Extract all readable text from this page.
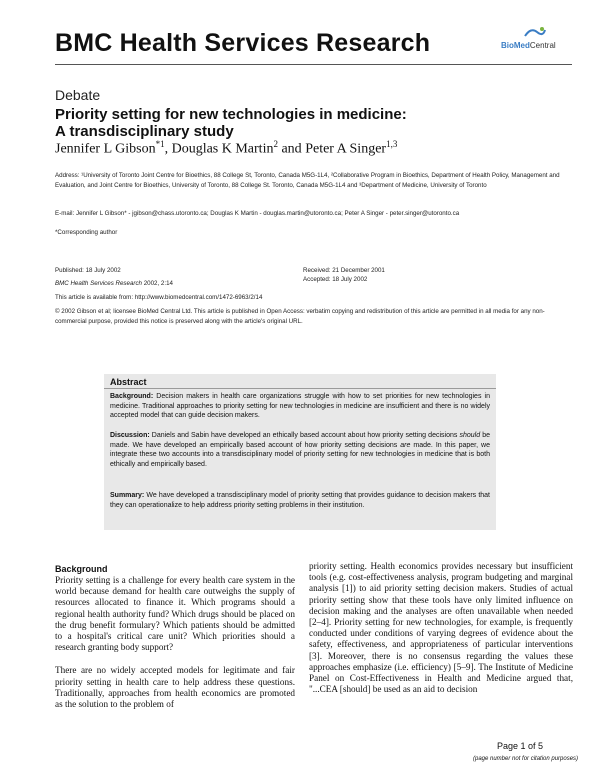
BMC Health Services Research	BioMedCentral
Debate
Priority setting for new technologies in medicine:
A transdisciplinary study
Jennifer L Gibson$^{*1}$, Douglas K Martin$^2$ and Peter A Singer$^{1,3}$
Address: ¹University of Toronto Joint Centre for Bioethics, 88 College St, Toronto, Canada M5G-1L4, ²Collaborative Program in Bioethics, Department of Health Policy, Management and Evaluation, and Joint Centre for Bioethics, University of Toronto, 88 College St. Toronto, Canada M5G-1L4 and ³Department of Medicine, University of Toronto
E-mail: Jennifer L Gibson* - jgibson@chass.utoronto.ca; Douglas K Martin - douglas.martin@utoronto.ca; Peter A Singer - peter.singer@utoronto.ca
*Corresponding author
Published: 18 July 2002
BMC Health Services Research 2002, 2:14
This article is available from: http://www.biomedcentral.com/1472-6963/2/14
Received: 21 December 2001
Accepted: 18 July 2002
© 2002 Gibson et al; licensee BioMed Central Ltd. This article is published in Open Access: verbatim copying and redistribution of this article are permitted in all media for any non-commercial purpose, provided this notice is preserved along with the article's original URL.
Abstract
Background: Decision makers in health care organizations struggle with how to set priorities for new technologies in medicine. Traditional approaches to priority setting for new technologies in medicine are insufficient and there is no widely accepted model that can guide decision makers.
Discussion: Daniels and Sabin have developed an ethically based account about how priority setting decisions should be made. We have developed an empirically based account of how priority setting decisions are made. In this paper, we integrate these two accounts into a transdisciplinary model of priority setting for new technologies in medicine that is both ethically and empirically based.
Summary: We have developed a transdisciplinary model of priority setting that provides guidance to decision makers that they can operationalize to help address priority setting problems in their institution.
Background

Priority setting is a challenge for every health care system in the world because demand for health care outweighs the supply of resources allocated to finance it. Which programs should a regional health authority fund? Which drugs should be placed on the drug benefit formulary? Which patients should be admitted to a hospital's critical care unit? Which priorities should a research granting body support?

There are no widely accepted models for legitimate and fair priority setting in health care to help address these questions. Traditionally, approaches from health economics are promoted as the solution to the problem of

priority setting. Health economics provides necessary but insufficient tools (e.g. cost-effectiveness analysis, program budgeting and marginal analysis [1]) to aid priority setting decision makers. Studies of actual priority setting show that these tools have only limited influence on decision making and the analyses are often unavailable when needed [2–4]. Priority setting for new technologies, for example, is frequently conducted under conditions of varying degrees of evidence about the safety, effectiveness, and appropriateness of particular interventions [3]. Moreover, there is no consensus regarding the values these approaches emphasize (i.e. efficiency) [5–9]. The Institute of Medicine Panel on Cost-Effectiveness in Health and Medicine argued that, "...CEA [should] be used as an aid to decision

Page 1 of 5
(page number not for citation purposes)
